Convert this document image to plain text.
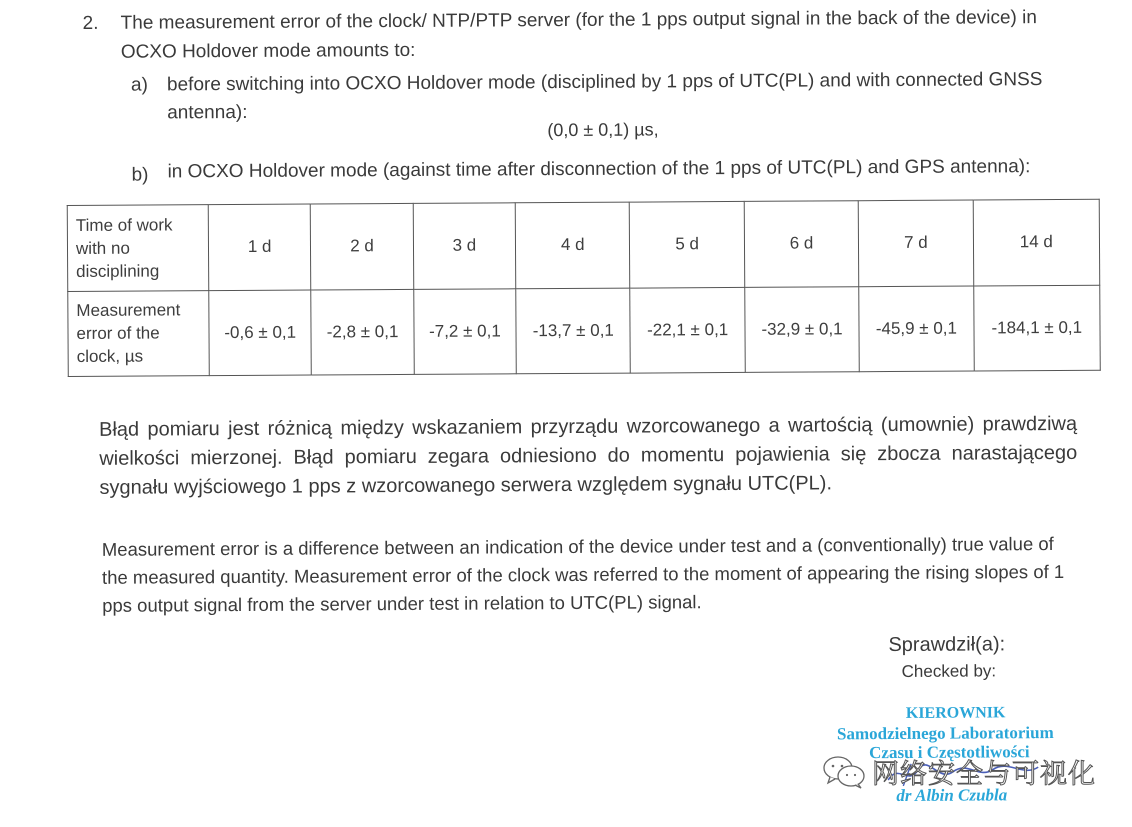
2. The measurement error of the clock/ NTP/PTP server (for the 1 pps output signal in the back of the device) in OCXO Holdover mode amounts to:
a) before switching into OCXO Holdover mode (disciplined by 1 pps of UTC(PL) and with connected GNSS antenna):
(0,0 ± 0,1) µs,
b) in OCXO Holdover mode (against time after disconnection of the 1 pps of UTC(PL) and GPS antenna):
Time of work with no disciplining	1 d	2 d	3 d	4 d	5 d	6 d	7 d	14 d
Measurement error of the clock, µs	-0,6 ± 0,1	-2,8 ± 0,1	-7,2 ± 0,1	-13,7 ± 0,1	-22,1 ± 0,1	-32,9 ± 0,1	-45,9 ± 0,1	-184,1 ± 0,1
Błąd pomiaru jest różnicą między wskazaniem przyrządu wzorcowanego a wartością (umownie) prawdziwą wielkości mierzonej. Błąd pomiaru zegara odniesiono do momentu pojawienia się zbocza narastającego sygnału wyjściowego 1 pps z wzorcowanego serwera względem sygnału UTC(PL).
Measurement error is a difference between an indication of the device under test and a (conventionally) true value of the measured quantity. Measurement error of the clock was referred to the moment of appearing the rising slopes of 1 pps output signal from the server under test in relation to UTC(PL) signal.
Sprawdził(a):
Checked by:
KIEROWNIK
Samodzielnego Laboratorium
Czasu i Częstotliwości
dr Albin Czubla
网络安全与可视化
